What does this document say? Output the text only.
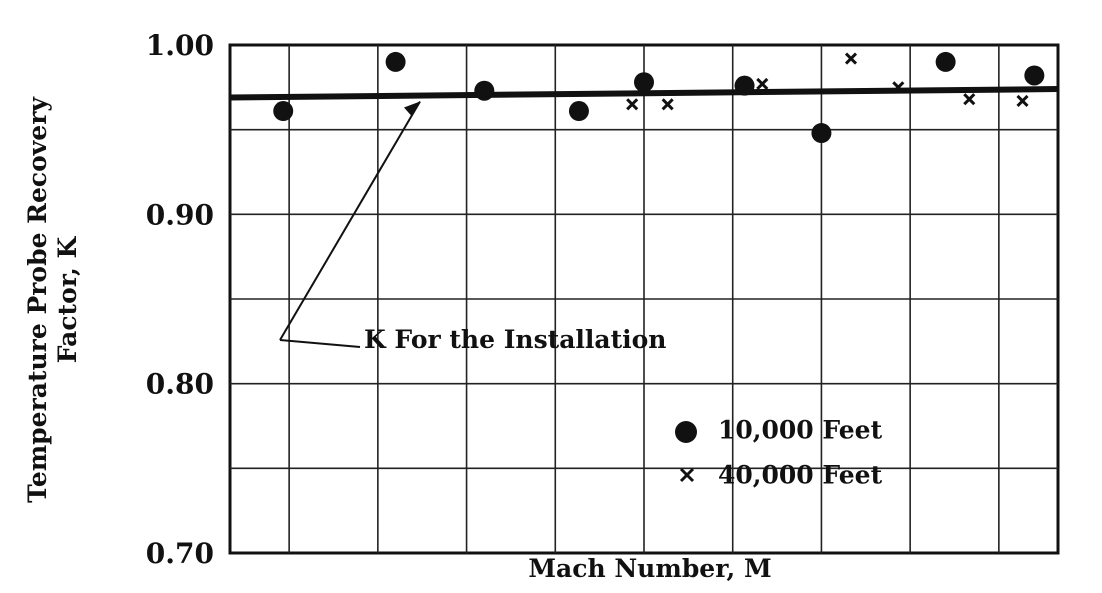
0.70
0.80
0.90
1.00
Mach Number, M
Temperature Probe Recovery Factor, K	K For the Installation
10,000 Feet
40,000 Feet
